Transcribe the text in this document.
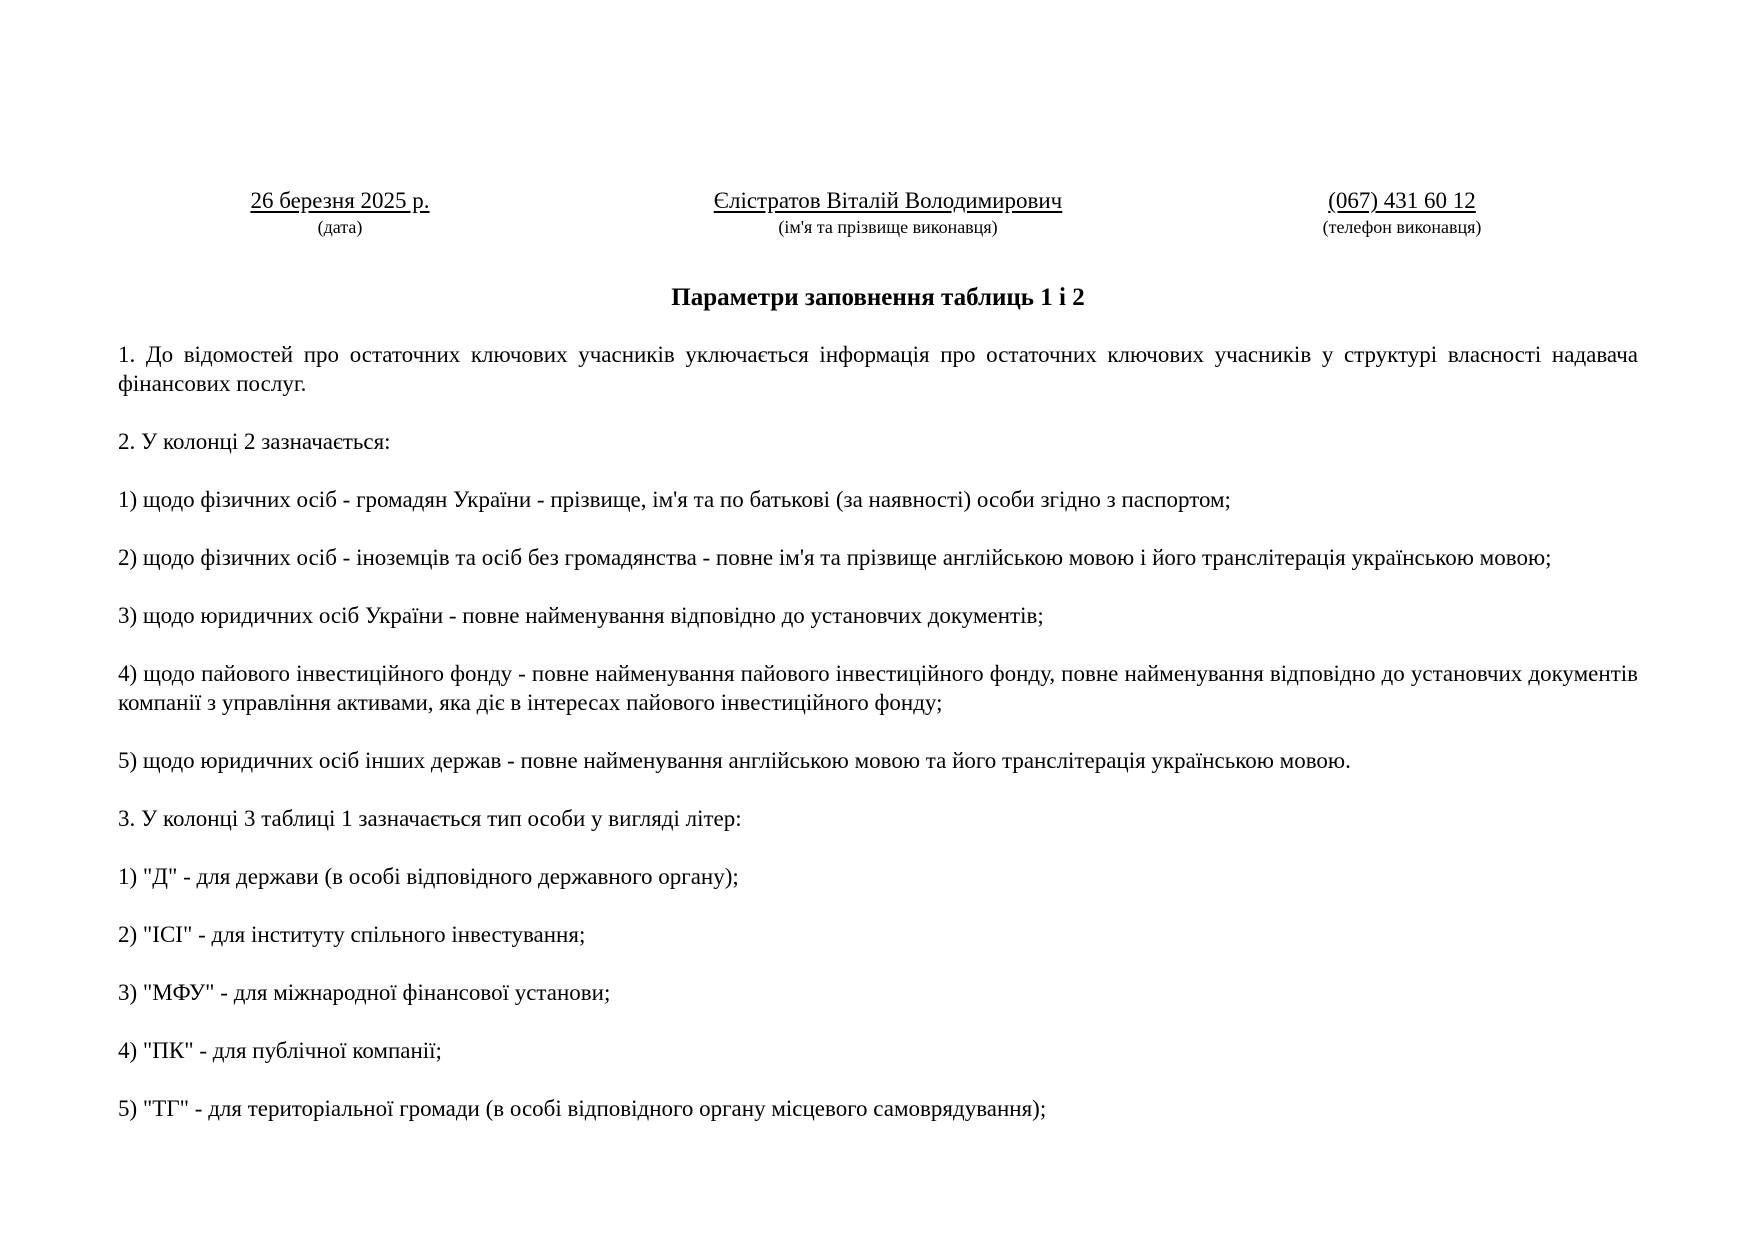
26 березня 2025 р.
(дата)
Єлістратов Віталій Володимирович
(ім'я та прізвище виконавця)
(067) 431 60 12
(телефон виконавця)
Параметри заповнення таблиць 1 і 2

1. До відомостей про остаточних ключових учасників уключається інформація про остаточних ключових учасників у структурі власності надавача фінансових послуг.

2. У колонці 2 зазначається:

1) щодо фізичних осіб - громадян України - прізвище, ім'я та по батькові (за наявності) особи згідно з паспортом;

2) щодо фізичних осіб - іноземців та осіб без громадянства - повне ім'я та прізвище англійською мовою і його транслітерація українською мовою;

3) щодо юридичних осіб України - повне найменування відповідно до установчих документів;

4) щодо пайового інвестиційного фонду - повне найменування пайового інвестиційного фонду, повне найменування відповідно до установчих документів компанії з управління активами, яка діє в інтересах пайового інвестиційного фонду;

5) щодо юридичних осіб інших держав - повне найменування англійською мовою та його транслітерація українською мовою.

3. У колонці 3 таблиці 1 зазначається тип особи у вигляді літер:

1) "Д" - для держави (в особі відповідного державного органу);

2) "ІСІ" - для інституту спільного інвестування;

3) "МФУ" - для міжнародної фінансової установи;

4) "ПК" - для публічної компанії;

5) "ТГ" - для територіальної громади (в особі відповідного органу місцевого самоврядування);
